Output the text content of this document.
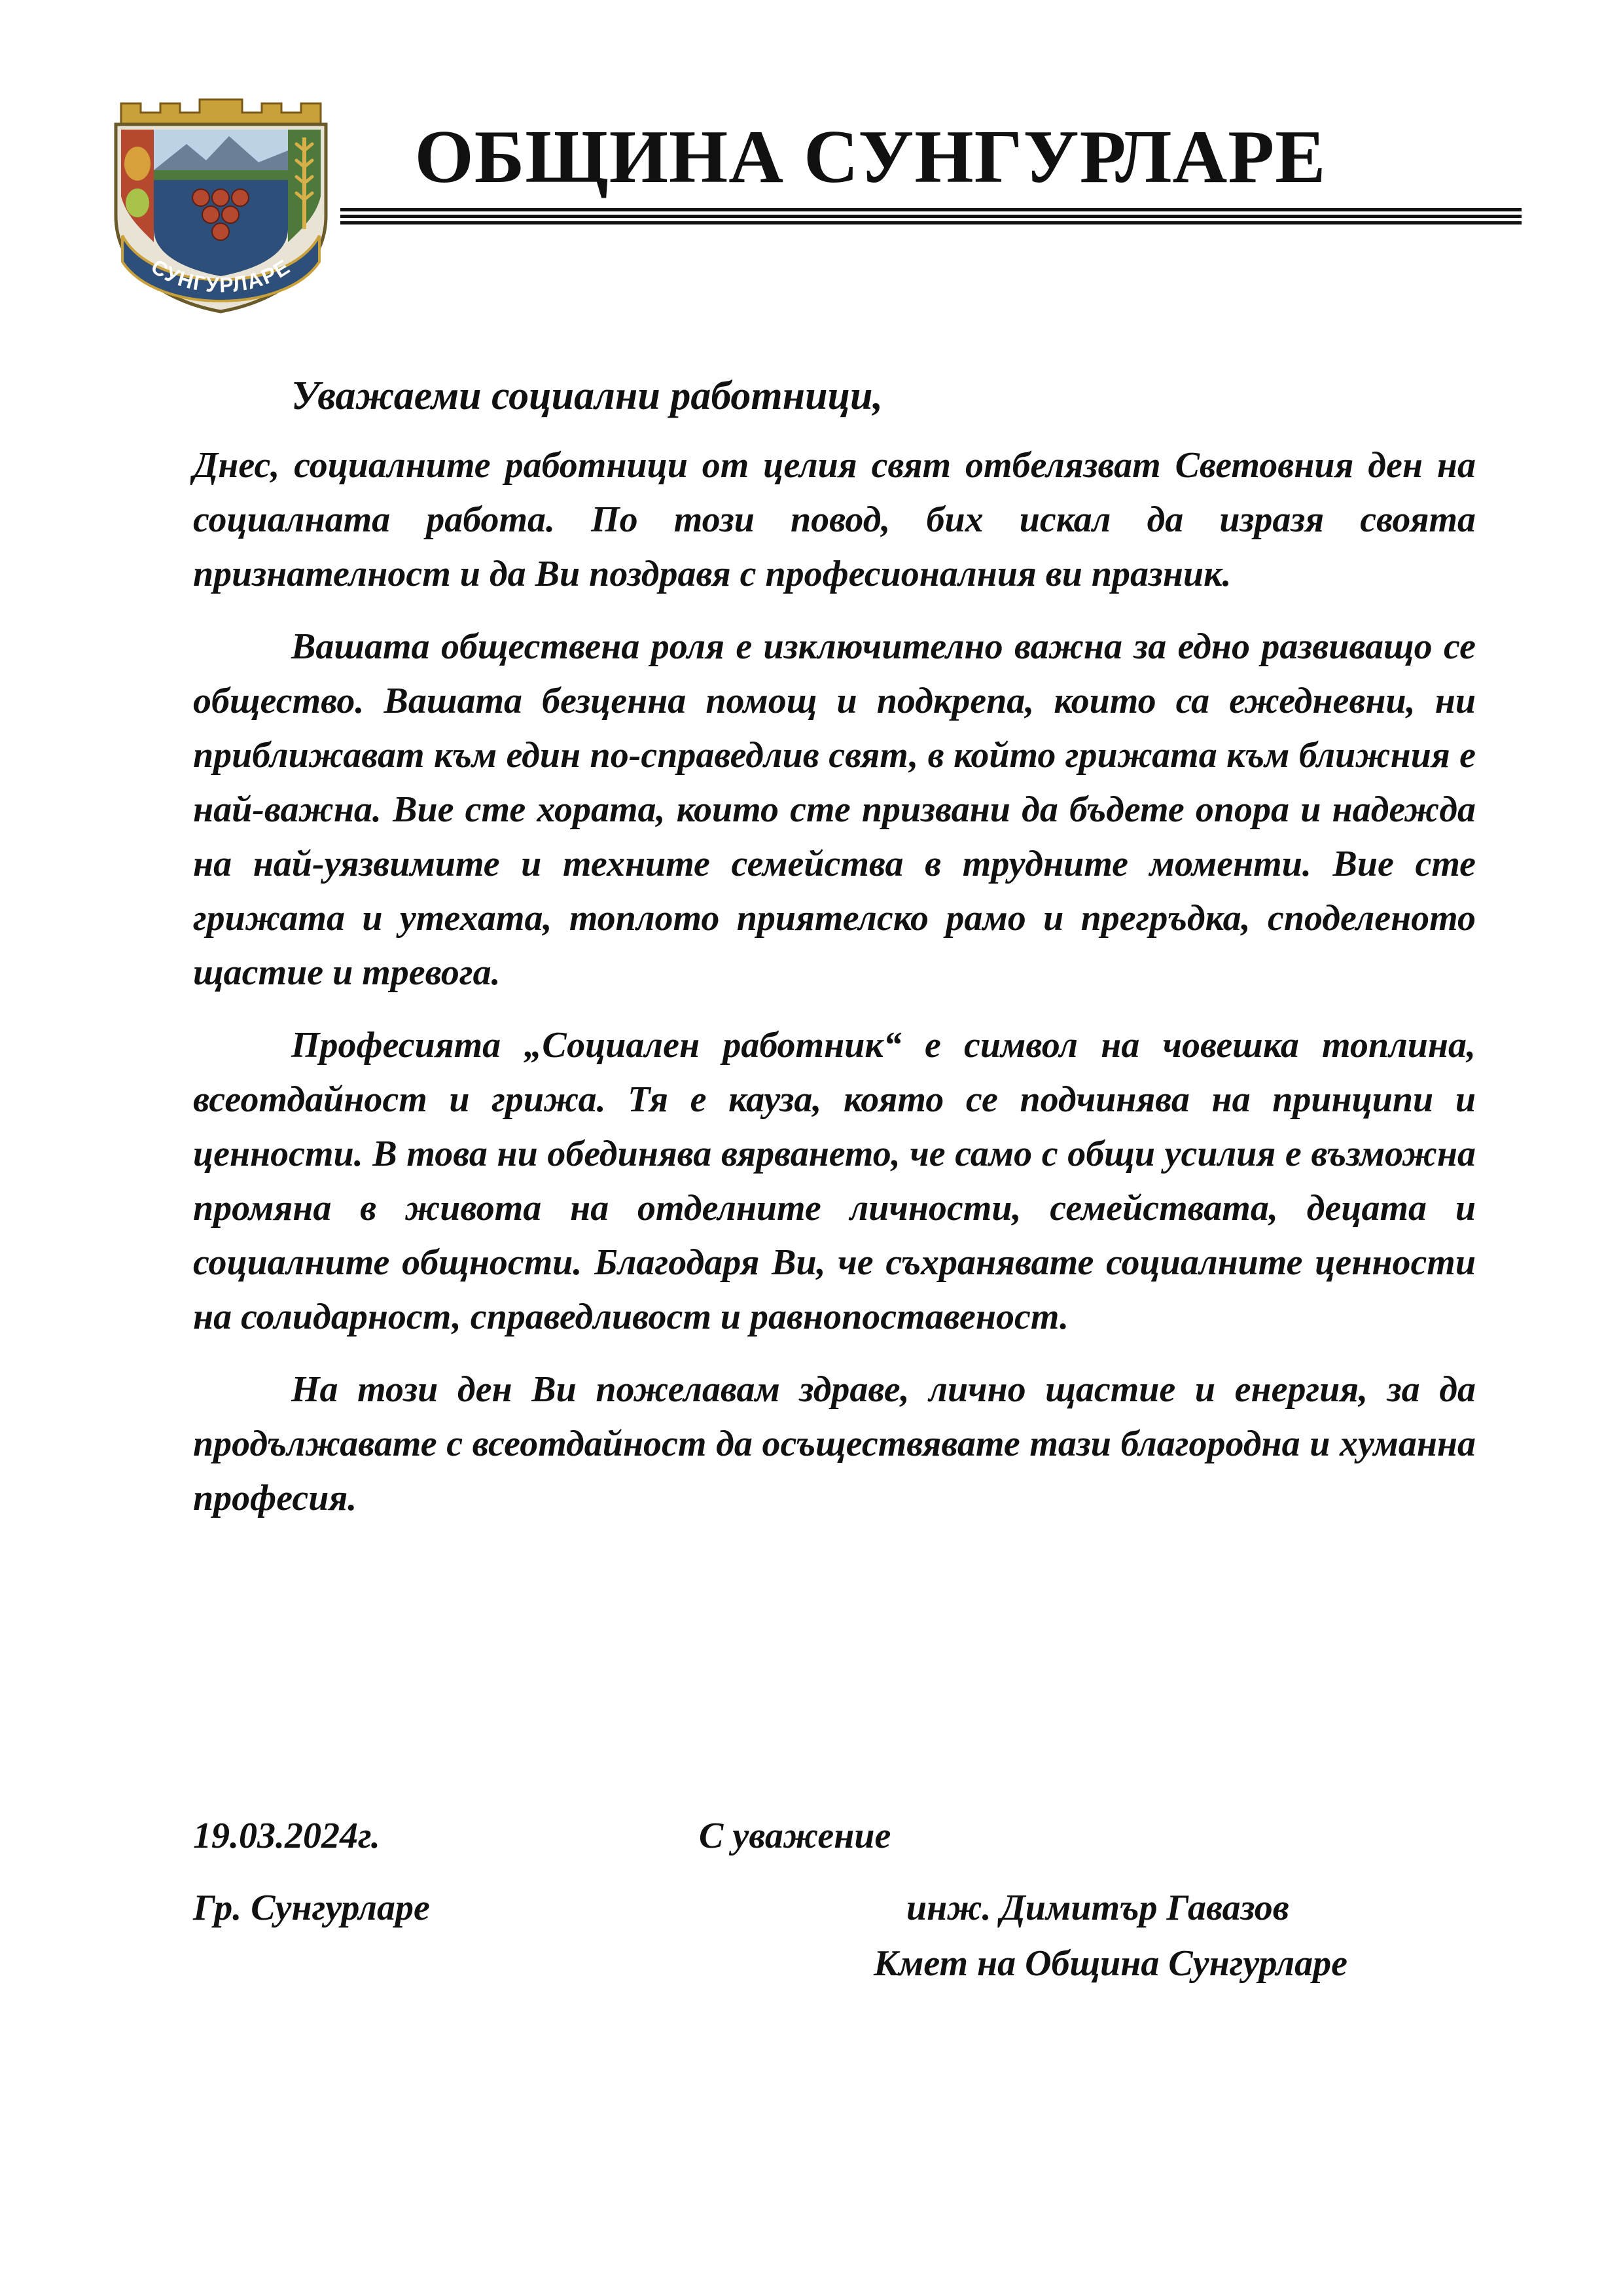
СУНГУРЛАРЕ
ОБЩИНА СУНГУРЛАРЕ

Уважаеми социални работници,

Днес, социалните работници от целия свят отбелязват Световния ден на социалната работа. По този повод, бих искал да изразя своята признателност и да Ви поздравя с професионалния ви празник.

Вашата обществена роля е изключително важна за едно развиващо се общество. Вашата безценна помощ и подкрепа, които са ежедневни, ни приближават към един по-справедлив свят, в който грижата към ближния е най-важна. Вие сте хората, които сте призвани да бъдете опора и надежда на най-уязвимите и техните семейства в трудните моменти. Вие сте грижата и утехата, топлото приятелско рамо и прегръдка, споделеното щастие и тревога.

Професията „Социален работник“ е символ на човешка топлина, всеотдайност и грижа. Тя е кауза, която се подчинява на принципи и ценности. В това ни обединява вярването, че само с общи усилия е възможна промяна в живота на отделните личности, семействата, децата и социалните общности. Благодаря Ви, че съхранявате социалните ценности на солидарност, справедливост и равнопоставеност.

На този ден Ви пожелавам здраве, лично щастие и енергия, за да продължавате с всеотдайност да осъществявате тази благородна и хуманна професия.

19.03.2024г.	С уважение
Гр. Сунгурларе	инж. Димитър Гавазов
Кмет на Община Сунгурларе
